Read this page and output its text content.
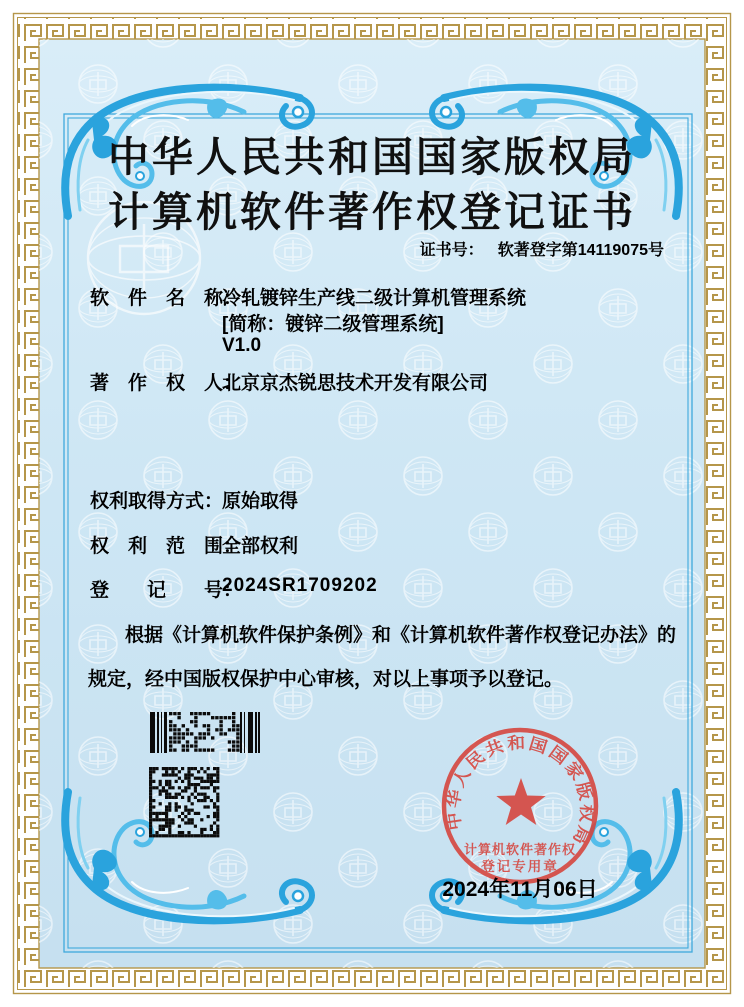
中华人民共和国国家版权局
计算机软件著作权登记证书
证书号： 软著登字第14119075号
软　件　名　称：
冷轧镀锌生产线二级计算机管理系统
[简称：镀锌二级管理系统]
V1.0
著　作　权　人：
北京京杰锐思技术开发有限公司
权利取得方式：
原始取得
权　利　范　围：
全部权利
登　　记　　号：
2024SR1709202
根据《计算机软件保护条例》和《计算机软件著作权登记办法》的
规定，经中国版权保护中心审核，对以上事项予以登记。
中华人民共和国国家版权局
计算机软件著作权
登记专用章
2024年11月06日
